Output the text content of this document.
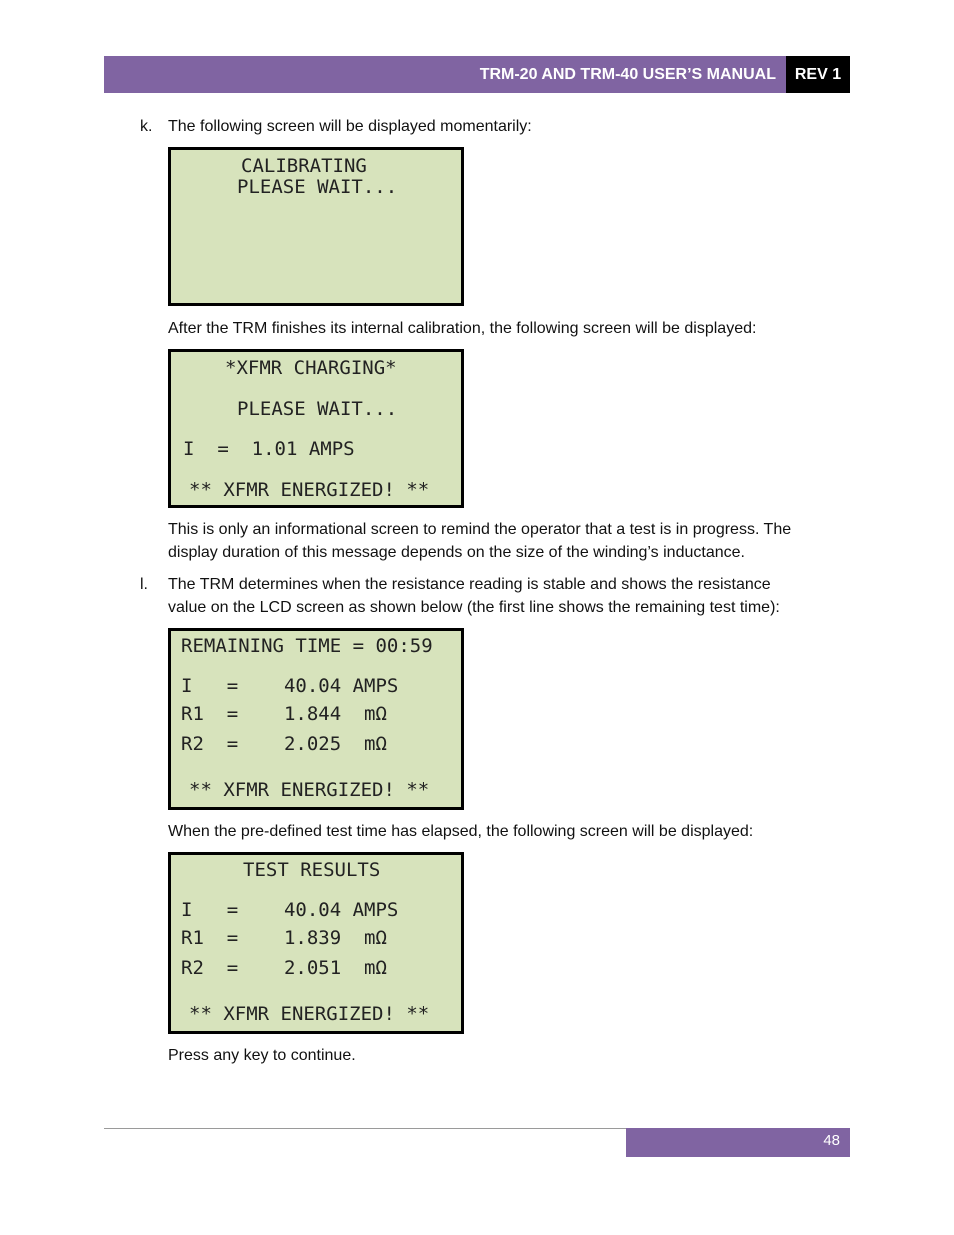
TRM-20 AND TRM-40 USER’S MANUAL	REV 1
k. The following screen will be displayed momentarily:

CALIBRATING

PLEASE WAIT...

After the TRM finishes its internal calibration, the following screen will be displayed:

*XFMR CHARGING*

PLEASE WAIT...

I  =  1.01 AMPS

** XFMR ENERGIZED! **

This is only an informational screen to remind the operator that a test is in progress. The

display duration of this message depends on the size of the winding’s inductance.

l. The TRM determines when the resistance reading is stable and shows the resistance

value on the LCD screen as shown below (the first line shows the remaining test time):

REMAINING TIME = 00:59

I   =    40.04 AMPS

R1  =    1.844  mΩ

R2  =    2.025  mΩ

** XFMR ENERGIZED! **

When the pre-defined test time has elapsed, the following screen will be displayed:

TEST RESULTS

I   =    40.04 AMPS

R1  =    1.839  mΩ

R2  =    2.051  mΩ

** XFMR ENERGIZED! **

Press any key to continue.

48
